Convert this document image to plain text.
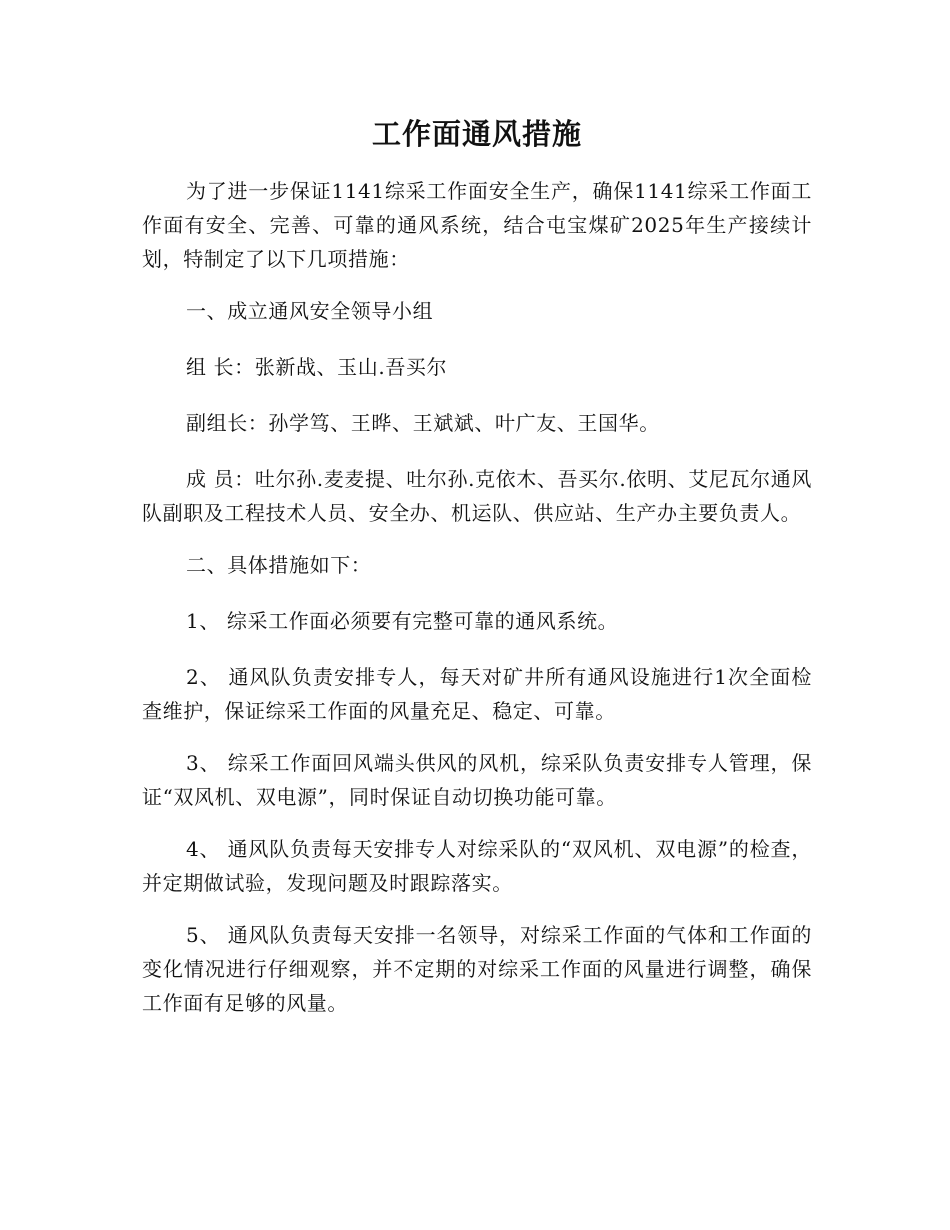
工作面通风措施

为了进一步保证1141综采工作面安全生产，确保1141综采工作面工作面有安全、完善、可靠的通风系统，结合屯宝煤矿2025年生产接续计划，特制定了以下几项措施：

一、成立通风安全领导小组

组 长：张新战、玉山.吾买尔

副组长：孙学笃、王晔、王斌斌、叶广友、王国华。

成 员：吐尔孙.麦麦提、吐尔孙.克依木、吾买尔.依明、艾尼瓦尔通风队副职及工程技术人员、安全办、机运队、供应站、生产办主要负责人。

二、具体措施如下：

1、 综采工作面必须要有完整可靠的通风系统。

2、 通风队负责安排专人，每天对矿井所有通风设施进行1次全面检查维护，保证综采工作面的风量充足、稳定、可靠。

3、 综采工作面回风端头供风的风机，综采队负责安排专人管理，保证“双风机、双电源”，同时保证自动切换功能可靠。

4、 通风队负责每天安排专人对综采队的“双风机、双电源”的检查，并定期做试验，发现问题及时跟踪落实。

5、 通风队负责每天安排一名领导，对综采工作面的气体和工作面的变化情况进行仔细观察，并不定期的对综采工作面的风量进行调整，确保工作面有足够的风量。
